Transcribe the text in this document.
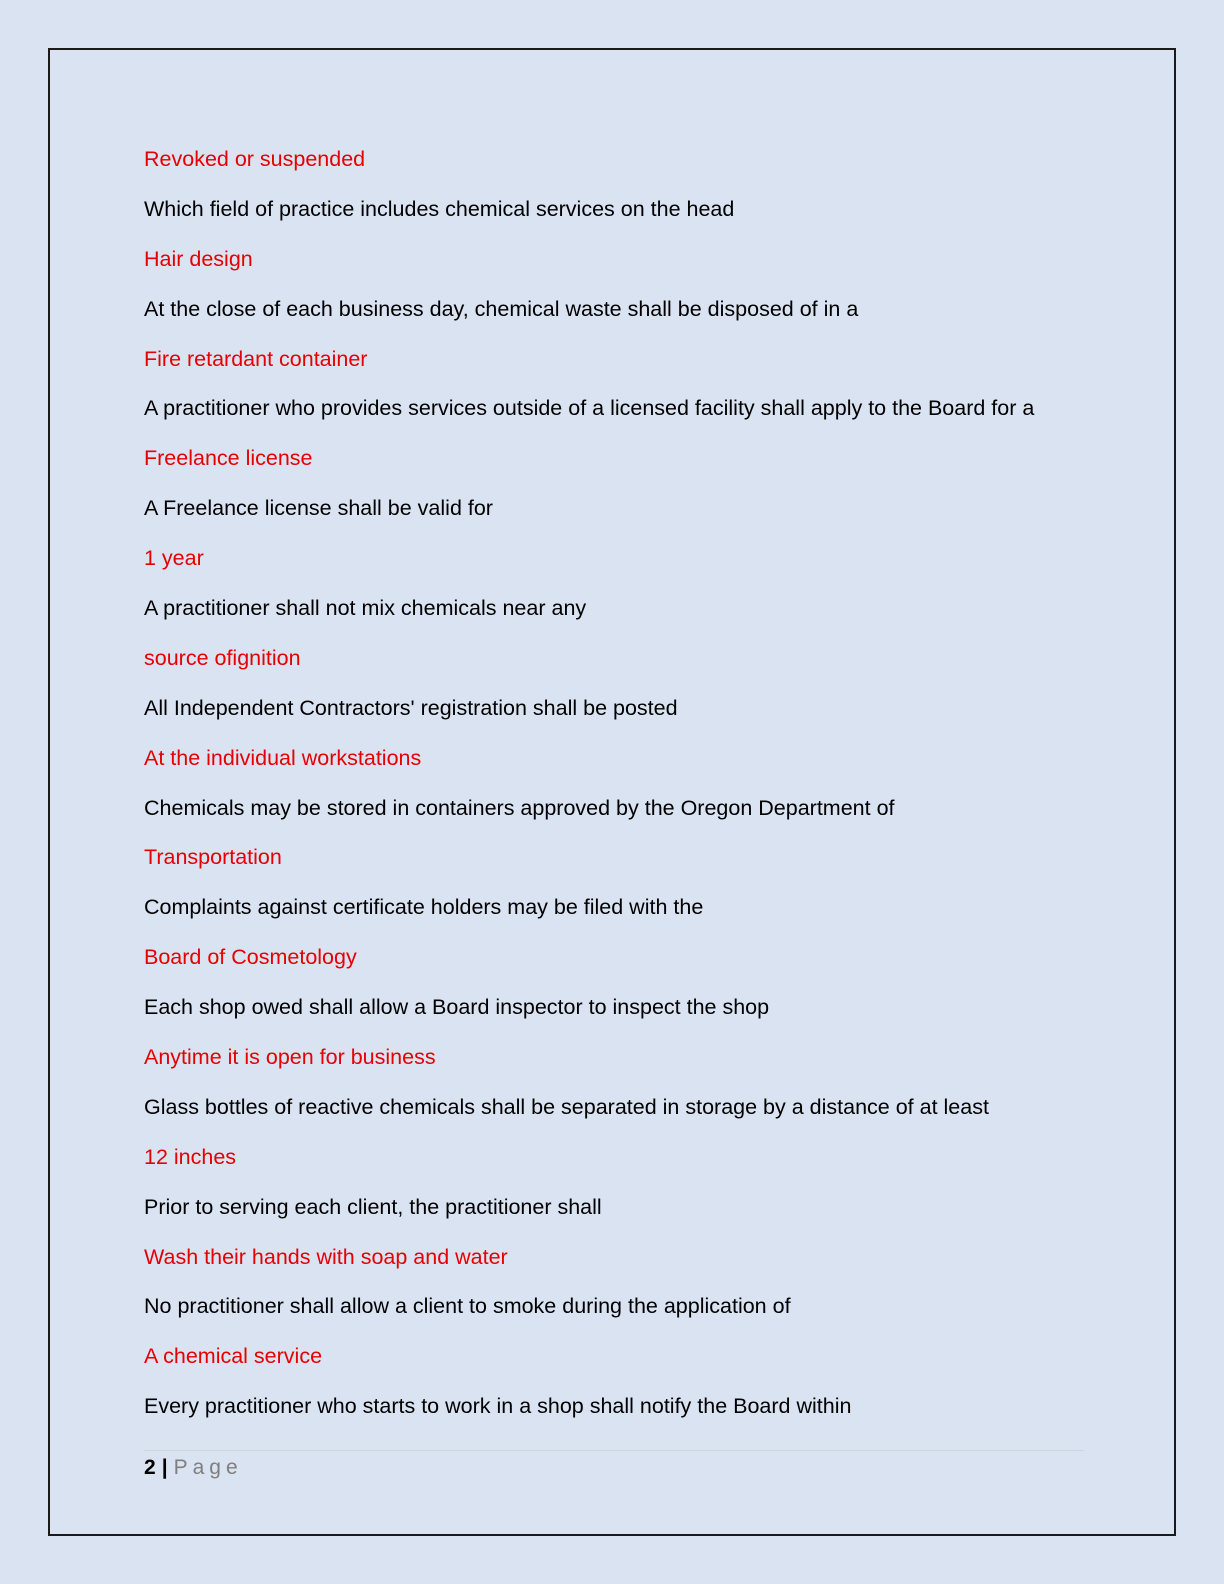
Revoked or suspended

Which field of practice includes chemical services on the head

Hair design

At the close of each business day, chemical waste shall be disposed of in a

Fire retardant container

A practitioner who provides services outside of a licensed facility shall apply to the Board for a

Freelance license

A Freelance license shall be valid for

1 year

A practitioner shall not mix chemicals near any

source ofignition

All Independent Contractors' registration shall be posted

At the individual workstations

Chemicals may be stored in containers approved by the Oregon Department of

Transportation

Complaints against certificate holders may be filed with the

Board of Cosmetology

Each shop owed shall allow a Board inspector to inspect the shop

Anytime it is open for business

Glass bottles of reactive chemicals shall be separated in storage by a distance of at least

12 inches

Prior to serving each client, the practitioner shall

Wash their hands with soap and water

No practitioner shall allow a client to smoke during the application of

A chemical service

Every practitioner who starts to work in a shop shall notify the Board within

2 | Page
